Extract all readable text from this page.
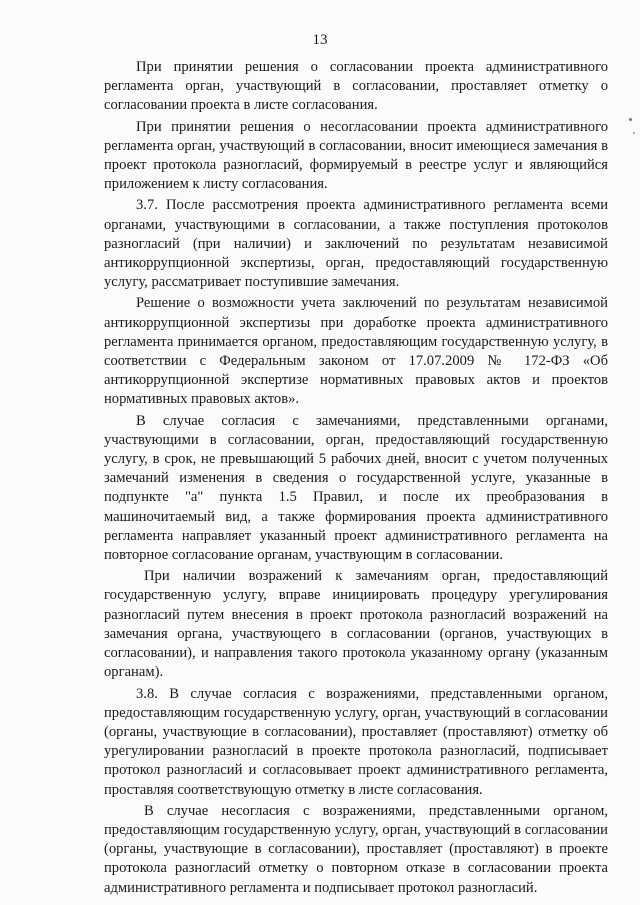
13

При принятии решения о согласовании проекта административного регламента орган, участвующий в согласовании, проставляет отметку о согласовании проекта в листе согласования.

При принятии решения о несогласовании проекта административного регламента орган, участвующий в согласовании, вносит имеющиеся замечания в проект протокола разногласий, формируемый в реестре услуг и являющийся приложением к листу согласования.

3.7. После рассмотрения проекта административного регламента всеми органами, участвующими в согласовании, а также поступления протоколов разногласий (при наличии) и заключений по результатам независимой антикоррупционной экспертизы, орган, предоставляющий государственную услугу, рассматривает поступившие замечания.

Решение о возможности учета заключений по результатам независимой антикоррупционной экспертизы при доработке проекта административного регламента принимается органом, предоставляющим государственную услугу, в соответствии с Федеральным законом от 17.07.2009 № 172-ФЗ «Об антикоррупционной экспертизе нормативных правовых актов и проектов нормативных правовых актов».

В случае согласия с замечаниями, представленными органами, участвующими в согласовании, орган, предоставляющий государственную услугу, в срок, не превышающий 5 рабочих дней, вносит с учетом полученных замечаний изменения в сведения о государственной услуге, указанные в подпункте "а" пункта 1.5 Правил, и после их преобразования в машиночитаемый вид, а также формирования проекта административного регламента направляет указанный проект административного регламента на повторное согласование органам, участвующим в согласовании.

При наличии возражений к замечаниям орган, предоставляющий государственную услугу, вправе инициировать процедуру урегулирования разногласий путем внесения в проект протокола разногласий возражений на замечания органа, участвующего в согласовании (органов, участвующих в согласовании), и направления такого протокола указанному органу (указанным органам).

3.8. В случае согласия с возражениями, представленными органом, предоставляющим государственную услугу, орган, участвующий в согласовании (органы, участвующие в согласовании), проставляет (проставляют) отметку об урегулировании разногласий в проекте протокола разногласий, подписывает протокол разногласий и согласовывает проект административного регламента, проставляя соответствующую отметку в листе согласования.

В случае несогласия с возражениями, представленными органом, предоставляющим государственную услугу, орган, участвующий в согласовании (органы, участвующие в согласовании), проставляет (проставляют) в проекте протокола разногласий отметку о повторном отказе в согласовании проекта административного регламента и подписывает протокол разногласий.
